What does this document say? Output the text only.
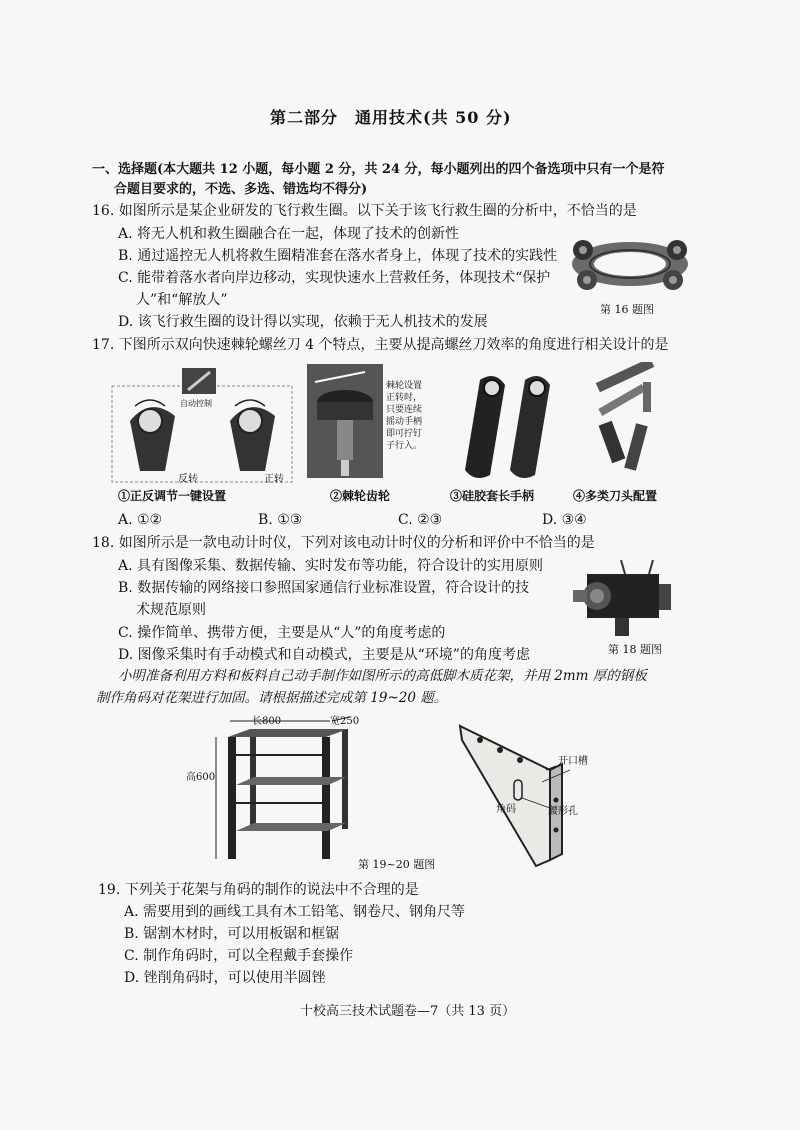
第二部分　通用技术(共 50 分)
一、选择题(本大题共 12 小题，每小题 2 分，共 24 分，每小题列出的四个备选项中只有一个是符
合题目要求的，不选、多选、错选均不得分)
16. 如图所示是某企业研发的飞行救生圈。以下关于该飞行救生圈的分析中，不恰当的是
A. 将无人机和救生圈融合在一起，体现了技术的创新性
B. 通过遥控无人机将救生圈精准套在落水者身上，体现了技术的实践性
C. 能带着落水者向岸边移动，实现快速水上营救任务，体现技术“保护
人”和“解放人”
D. 该飞行救生圈的设计得以实现，依赖于无人机技术的发展
第 16 题图
17. 下图所示双向快速棘轮螺丝刀 4 个特点，主要从提高螺丝刀效率的角度进行相关设计的是
自动控制
反转	正转
①正反调节一键设置
棘轮设置
正转时，
只要连续
摇动手柄
即可拧钉
子行入。
②棘轮齿轮	③硅胶套长手柄	④多类刀头配置
A. ①②	B. ①③	C. ②③	D. ③④
18. 如图所示是一款电动计时仪，下列对该电动计时仪的分析和评价中不恰当的是
A. 具有图像采集、数据传输、实时发布等功能，符合设计的实用原则
B. 数据传输的网络接口参照国家通信行业标准设置，符合设计的技
术规范原则
C. 操作简单、携带方便，主要是从“人”的角度考虑的
D. 图像采集时有手动模式和自动模式，主要是从“环境”的角度考虑	第 18 题图
小明准备利用方料和板料自己动手制作如图所示的高低脚木质花架，并用 2mm 厚的钢板
制作角码对花架进行加固。请根据描述完成第 19~20 题。
长800	宽250
高600
开口槽
角码	腰形孔
第 19~20 题图
19. 下列关于花架与角码的制作的说法中不合理的是
A. 需要用到的画线工具有木工铅笔、钢卷尺、钢角尺等
B. 锯割木材时，可以用板锯和框锯
C. 制作角码时，可以全程戴手套操作
D. 锉削角码时，可以使用半圆锉
十校高三技术试题卷—7（共 13 页）
